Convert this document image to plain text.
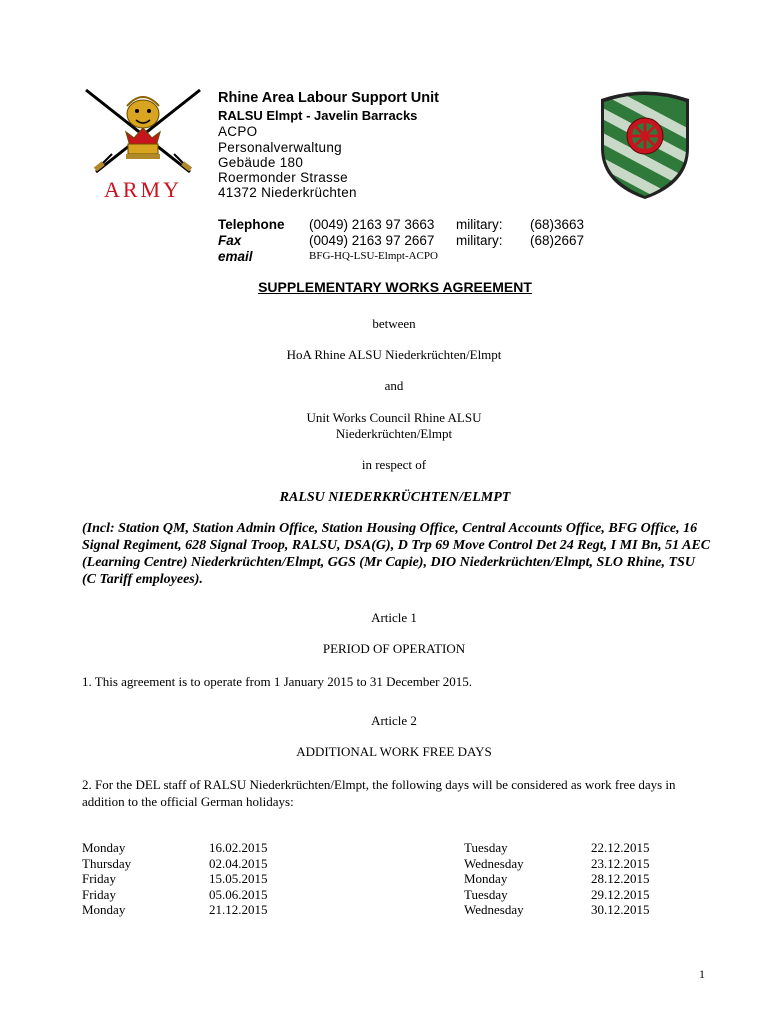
ARMY
Rhine Area Labour Support Unit
RALSU Elmpt - Javelin Barracks
ACPO
Personalverwaltung
Gebäude 180
Roermonder Strasse
41372 Niederkrüchten
Telephone (0049) 2163 97 3663 military: (68)3663
Fax	(0049) 2163 97 2667 military: (68)2667
email	BFG-HQ-LSU-Elmpt-ACPO
SUPPLEMENTARY WORKS AGREEMENT
between
HoA Rhine ALSU Niederkrüchten/Elmpt
and
Unit Works Council Rhine ALSU
Niederkrüchten/Elmpt
in respect of
RALSU NIEDERKRÜCHTEN/ELMPT
(Incl: Station QM, Station Admin Office, Station Housing Office, Central Accounts Office, BFG Office, 16 Signal Regiment, 628 Signal Troop, RALSU, DSA(G), D Trp 69 Move Control Det 24 Regt, I MI Bn, 51 AEC (Learning Centre) Niederkrüchten/Elmpt, GGS (Mr Capie), DIO Niederkrüchten/Elmpt, SLO Rhine, TSU (C Tariff employees).
Article 1
PERIOD OF OPERATION
1. This agreement is to operate from 1 January 2015 to 31 December 2015.
Article 2
ADDITIONAL WORK FREE DAYS
2. For the DEL staff of RALSU Niederkrüchten/Elmpt, the following days will be considered as work free days in addition to the official German holidays:
Monday
Thursday
Friday
Friday
Monday
16.02.2015
02.04.2015
15.05.2015
05.06.2015
21.12.2015
Tuesday
Wednesday
Monday
Tuesday
Wednesday
22.12.2015
23.12.2015
28.12.2015
29.12.2015
30.12.2015
1
